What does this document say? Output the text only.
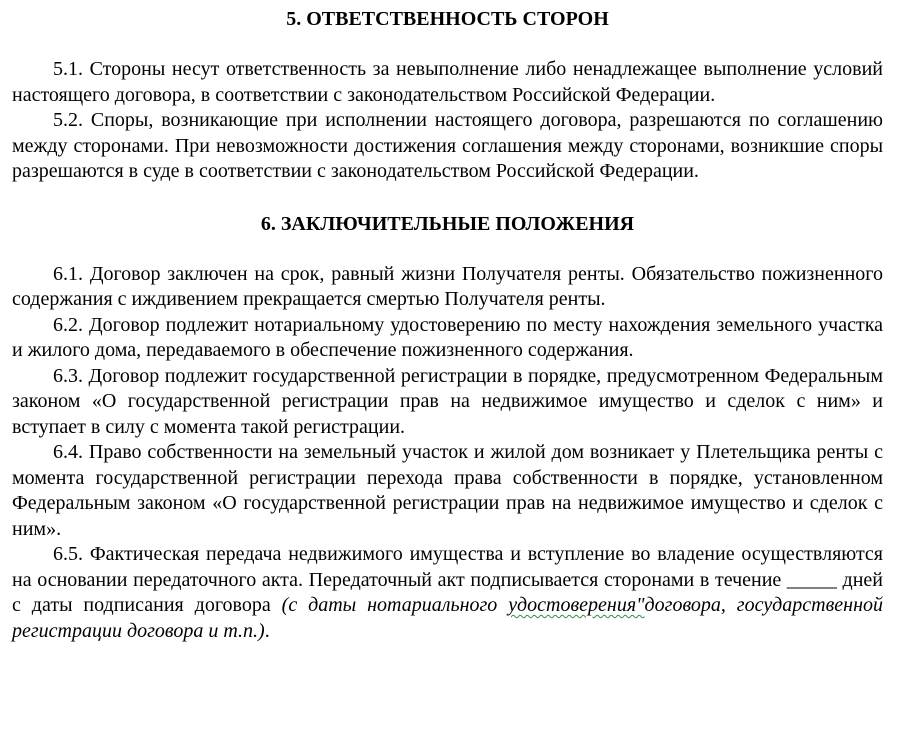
5. ОТВЕТСТВЕННОСТЬ СТОРОН

5.1. Стороны несут ответственность за невыполнение либо ненадлежащее выполнение условий настоящего договора, в соответствии с законодательством Российской Федерации.

5.2. Споры, возникающие при исполнении настоящего договора, разрешаются по соглашению между сторонами. При невозможности достижения соглашения между сторонами, возникшие споры разрешаются в суде в соответствии с законодательством Российской Федерации.

6. ЗАКЛЮЧИТЕЛЬНЫЕ ПОЛОЖЕНИЯ

6.1. Договор заключен на срок, равный жизни Получателя ренты. Обязательство пожизненного содержания с иждивением прекращается смертью Получателя ренты.

6.2. Договор подлежит нотариальному удостоверению по месту нахождения земельного участка и жилого дома, передаваемого в обеспечение пожизненного содержания.

6.3. Договор подлежит государственной регистрации в порядке, предусмотренном Федеральным законом «О государственной регистрации прав на недвижимое имущество и сделок с ним» и вступает в силу с момента такой регистрации.

6.4. Право собственности на земельный участок и жилой дом возникает у Плетельщика ренты с момента государственной регистрации перехода права собственности в порядке, установленном Федеральным законом «О государственной регистрации прав на недвижимое имущество и сделок с ним».

6.5. Фактическая передача недвижимого имущества и вступление во владение осуществляются на основании передаточного акта. Передаточный акт подписывается сторонами в течение _____ дней с даты подписания договора (с даты нотариального удостоверения"договора, государственной регистрации договора и т.п.).
